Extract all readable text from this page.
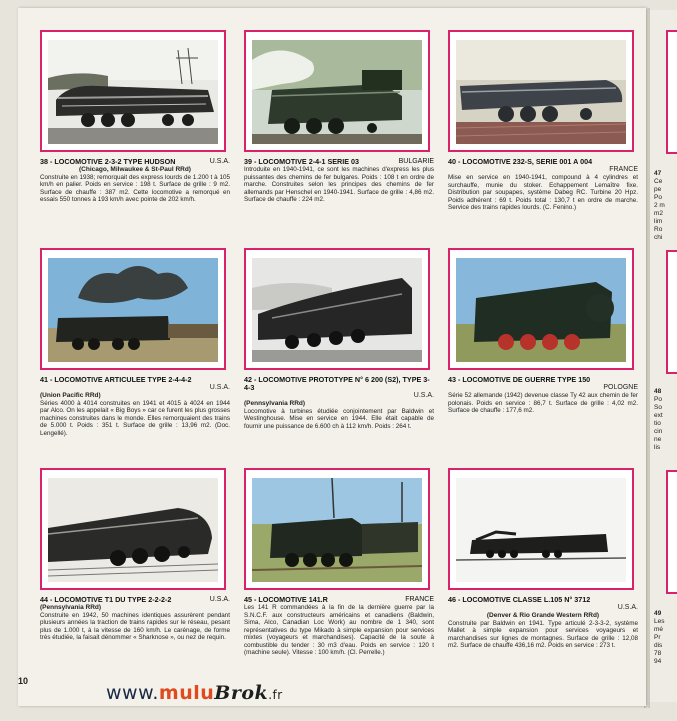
38 - LOCOMOTIVE 2-3-2 TYPE HUDSON	U.S.A.
(Chicago, Milwaukee & St-Paul RRd)
Construite en 1938; remorquait des express lourds de 1.200 t à 105 km/h en palier. Poids en service : 198 t. Surface de grille : 9 m2. Surface de chauffe : 387 m2. Cette locomotive a remorqué en essais 550 tonnes à 193 km/h avec pointe de 202 km/h.
39 - LOCOMOTIVE 2-4-1 SERIE 03	BULGARIE
Introduite en 1940-1941, ce sont les machines d'express les plus puissantes des chemins de fer bulgares. Poids : 108 t en ordre de marche. Construites selon les principes des chemins de fer allemands par Henschel en 1940-1941. Surface de grille : 4,86 m2. Surface de chauffe : 224 m2.
40 - LOCOMOTIVE 232-S, SERIE 001 A 004
FRANCE
Mise en service en 1940-1941, compound à 4 cylindres et surchauffe, munie du stoker. Echappement Lemaître fixe. Distribution par soupapes, système Dabeg RC. Turbine 20 Hpz. Poids adhérent : 69 t. Poids total : 130,7 t en ordre de marche. Service des trains rapides lourds. (C. Fenino.)
41 - LOCOMOTIVE ARTICULEE TYPE 2-4-4-2
U.S.A.
(Union Pacific RRd)
Séries 4000 à 4014 construites en 1941 et 4015 à 4024 en 1944 par Alco. On les appelait « Big Boys » car ce furent les plus grosses machines construites dans le monde. Elles remorquaient des trains de 5.000 t. Poids : 351 t. Surface de grille : 13,96 m2. (Doc. Lengellé).
42 - LOCOMOTIVE PROTOTYPE N° 6 200 (S2), TYPE 3-4-3
U.S.A.
(Pennsylvania RRd)
Locomotive à turbines étudiée conjointement par Baldwin et Westinghouse. Mise en service en 1944. Elle était capable de fournir une puissance de 6.600 ch à 112 km/h. Poids : 264 t.
43 - LOCOMOTIVE DE GUERRE TYPE 150
POLOGNE
Série 52 allemande (1942) devenue classe Ty 42 aux chemin de fer polonais. Poids en service : 86,7 t. Surface de grille : 4,02 m2. Surface de chauffe : 177,6 m2.
44 - LOCOMOTIVE T1 DU TYPE 2-2-2-2	U.S.A.
(Pennsylvania RRd)
Construite en 1942, 50 machines identiques assurèrent pendant plusieurs années la traction de trains rapides sur le réseau, pesant plus de 1.000 t, à la vitesse de 160 km/h. Le carénage, de forme très étudiée, la faisait dénommer « Sharknose », ou nez de requin.
45 - LOCOMOTIVE 141.R	FRANCE
Les 141 R commandées à la fin de la dernière guerre par la S.N.C.F. aux constructeurs américains et canadiens (Baldwin, Sima, Alco, Canadian Loc Work) au nombre de 1 340, sont représentatives du type Mikado à simple expansion pour services mixtes (voyageurs et marchandises). Capacité de la soute à combustible du tender : 30 m3 d'eau. Poids en service : 120 t (machine seule). Vitesse : 100 km/h. (Cl. Perrelle.)
46 - LOCOMOTIVE CLASSE L.105 N° 3712
U.S.A.
(Denver & Rio Grande Western RRd)
Construite par Baldwin en 1941. Type articulé 2-3-3-2, système Mallet à simple expansion pour services voyageurs et marchandises sur lignes de montagnes. Surface de grille : 12,08 m2. Surface de chauffe 436,16 m2. Poids en service : 273 t.
47
Ce
pe
Po
2 m
m2
lim
Ro
chi
48
Po
So
ext
tio
cin
ne
lis
49
Les
mé
Pr
dis
78
94
10
www.muluBrok.fr
